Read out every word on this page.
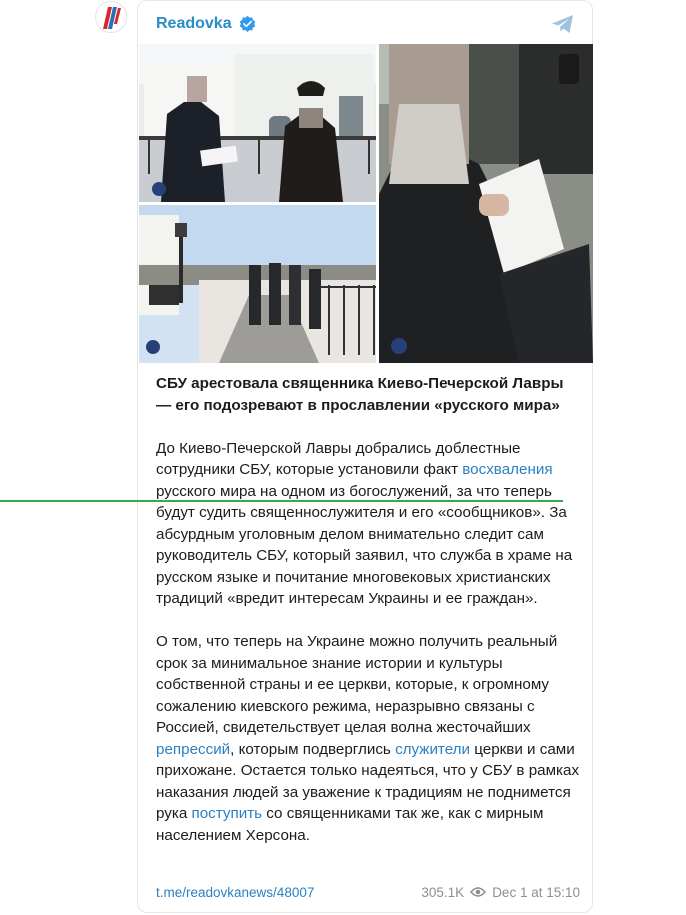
Readovka

СБУ арестовала священника Киево-Печерской Лавры — его подозревают в прославлении «русского мира»

До Киево-Печерской Лавры добрались доблестные сотрудники СБУ, которые установили факт восхваления русского мира на одном из богослужений, за что теперь будут судить священнослужителя и его «сообщников». За абсурдным уголовным делом внимательно следит сам руководитель СБУ, который заявил, что служба в храме на русском языке и почитание многовековых христианских традиций «вредит интересам Украины и ее граждан».

О том, что теперь на Украине можно получить реальный срок за минимальное знание истории и культуры собственной страны и ее церкви, которые, к огромному сожалению киевского режима, неразрывно связаны с Россией, свидетельствует целая волна жесточайших репрессий, которым подверглись служители церкви и сами прихожане. Остается только надеяться, что у СБУ в рамках наказания людей за уважение к традициям не поднимется рука поступить со священниками так же, как с мирным населением Херсона.

t.me/readovkanews/48007	305.1K Dec 1 at 15:10
